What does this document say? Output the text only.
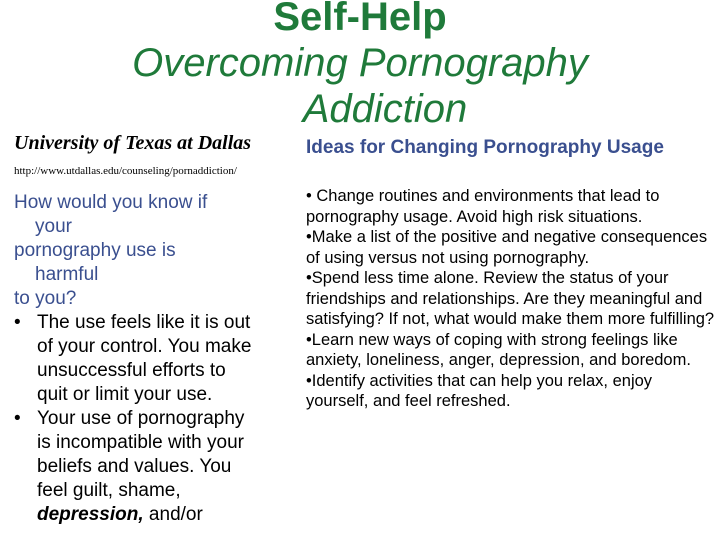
Self-Help
Overcoming Pornography
Addiction
University of Texas at Dallas
http://www.utdallas.edu/counseling/pornaddiction/

How would you know if
your
pornography use is
harmful
to you?

• The use feels like it is out
of your control. You make
unsuccessful efforts to
quit or limit your use.
• Your use of pornography
is incompatible with your
beliefs and values. You
feel guilt, shame,
depression, and/or

Ideas for Changing Pornography Usage

• Change routines and environments that lead to pornography usage. Avoid high risk situations.

•Make a list of the positive and negative consequences of using versus not using pornography.

•Spend less time alone. Review the status of your friendships and relationships. Are they meaningful and satisfying? If not, what would make them more fulfilling?

•Learn new ways of coping with strong feelings like anxiety, loneliness, anger, depression, and boredom.

•Identify activities that can help you relax, enjoy yourself, and feel refreshed.
